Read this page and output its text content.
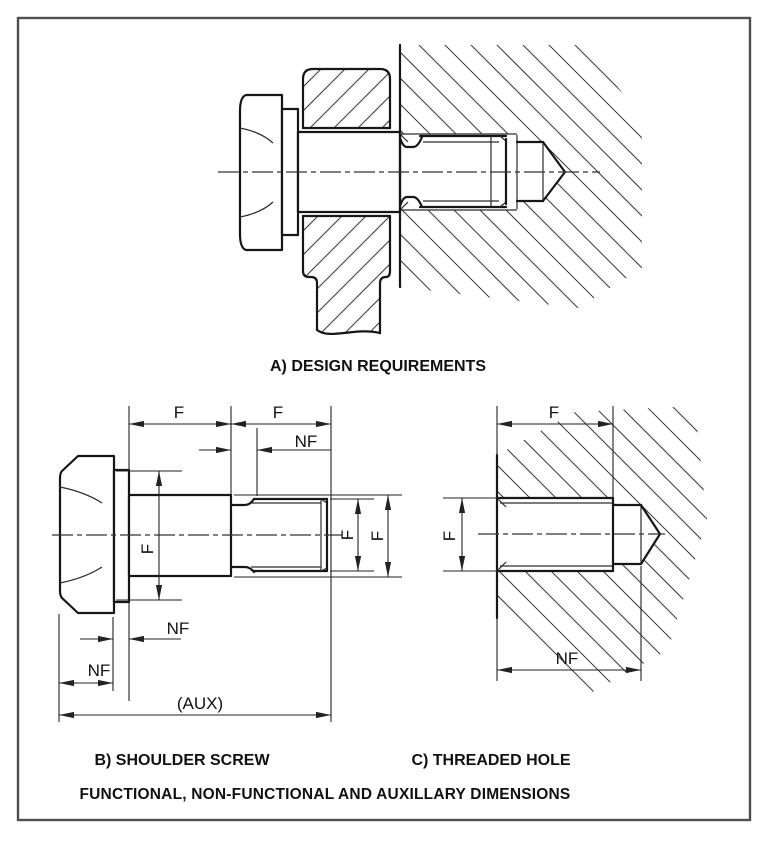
A) DESIGN REQUIREMENTS
F	F
NF
F
F F
NF
NF
(AUX)
B) SHOULDER SCREW
F
F
NF
C) THREADED HOLE
FUNCTIONAL, NON-FUNCTIONAL AND AUXILLARY DIMENSIONS
